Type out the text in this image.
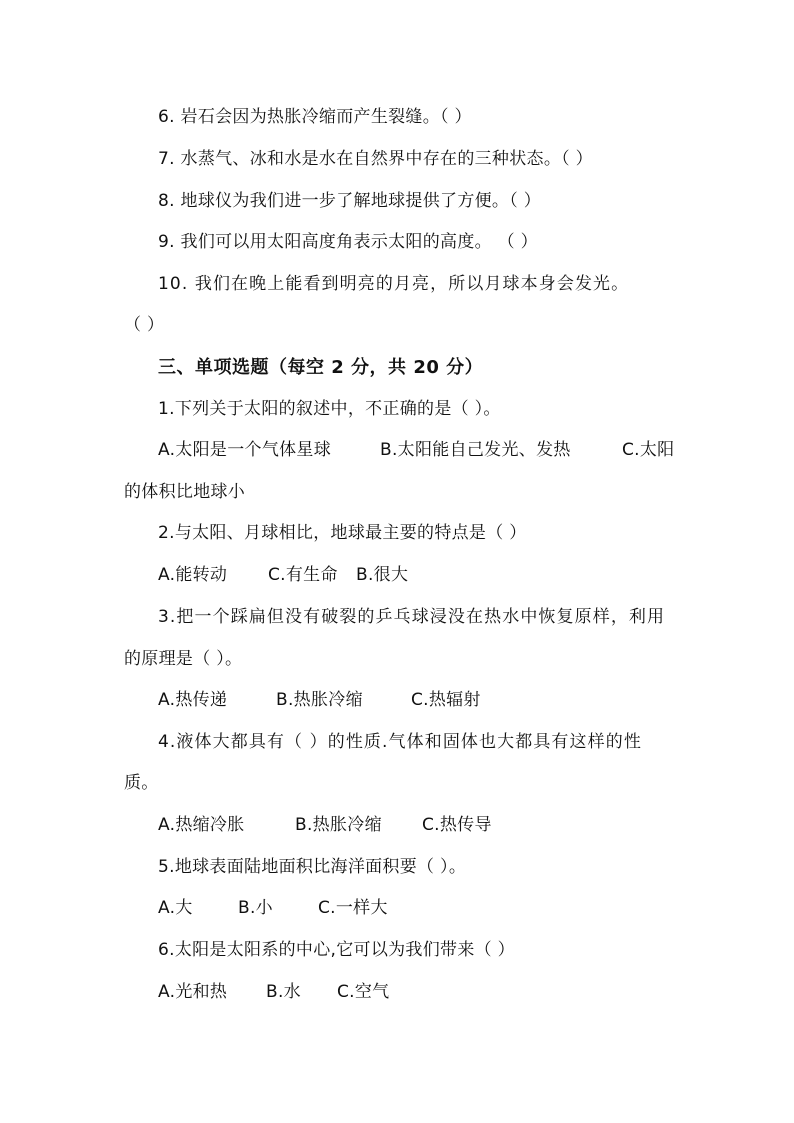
6. 岩石会因为热胀冷缩而产生裂缝。（ ）
7. 水蒸气、冰和水是水在自然界中存在的三种状态。（ ）
8. 地球仪为我们进一步了解地球提供了方便。（ ）
9. 我们可以用太阳高度角表示太阳的高度。 （ ）
10. 我们在晚上能看到明亮的月亮，所以月球本身会发光。
（ ）
三、单项选题（每空 2 分，共 20 分）
1.下列关于太阳的叙述中，不正确的是（ ）。
A.太阳是一个气体星球	B.太阳能自己发光、发热	C.太阳
的体积比地球小
2.与太阳、月球相比，地球最主要的特点是（ ）
A.能转动 C.有生命 B.很大
3.把一个踩扁但没有破裂的乒乓球浸没在热水中恢复原样，利用
的原理是（ ）。
A.热传递	B.热胀冷缩	C.热辐射
4.液体大都具有（ ）的性质.气体和固体也大都具有这样的性
质。
A.热缩冷胀	B.热胀冷缩 C.热传导
5.地球表面陆地面积比海洋面积要（ ）。
A.大	B.小	C.一样大
6.太阳是太阳系的中心,它可以为我们带来（ ）
A.光和热 B.水 C.空气
